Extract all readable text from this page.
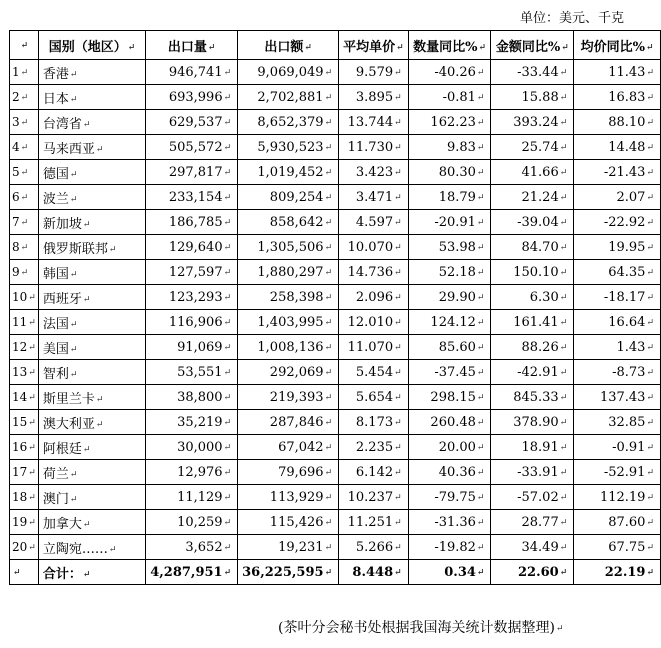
单位：美元、千克
↵	国别（地区）↵	出口量↵	出口额↵	平均单价↵	数量同比%↵	金额同比%↵	均价同比%↵
1↵	香港↵	946,741↵	9,069,049↵	9.579↵	-40.26↵	-33.44↵	11.43↵
2↵	日本↵	693,996↵	2,702,881↵	3.895↵	-0.81↵	15.88↵	16.83↵
3↵	台湾省↵	629,537↵	8,652,379↵	13.744↵	162.23↵	393.24↵	88.10↵
4↵	马来西亚↵	505,572↵	5,930,523↵	11.730↵	9.83↵	25.74↵	14.48↵
5↵	德国↵	297,817↵	1,019,452↵	3.423↵	80.30↵	41.66↵	-21.43↵
6↵	波兰↵	233,154↵	809,254↵	3.471↵	18.79↵	21.24↵	2.07↵
7↵	新加坡↵	186,785↵	858,642↵	4.597↵	-20.91↵	-39.04↵	-22.92↵
8↵	俄罗斯联邦↵	129,640↵	1,305,506↵	10.070↵	53.98↵	84.70↵	19.95↵
9↵	韩国↵	127,597↵	1,880,297↵	14.736↵	52.18↵	150.10↵	64.35↵
10↵	西班牙↵	123,293↵	258,398↵	2.096↵	29.90↵	6.30↵	-18.17↵
11↵	法国↵	116,906↵	1,403,995↵	12.010↵	124.12↵	161.41↵	16.64↵
12↵	美国↵	91,069↵	1,008,136↵	11.070↵	85.60↵	88.26↵	1.43↵
13↵	智利↵	53,551↵	292,069↵	5.454↵	-37.45↵	-42.91↵	-8.73↵
14↵	斯里兰卡↵	38,800↵	219,393↵	5.654↵	298.15↵	845.33↵	137.43↵
15↵	澳大利亚↵	35,219↵	287,846↵	8.173↵	260.48↵	378.90↵	32.85↵
16↵	阿根廷↵	30,000↵	67,042↵	2.235↵	20.00↵	18.91↵	-0.91↵
17↵	荷兰↵	12,976↵	79,696↵	6.142↵	40.36↵	-33.91↵	-52.91↵
18↵	澳门↵	11,129↵	113,929↵	10.237↵	-79.75↵	-57.02↵	112.19↵
19↵	加拿大↵	10,259↵	115,426↵	11.251↵	-31.36↵	28.77↵	87.60↵
20↵	立陶宛……↵	3,652↵	19,231↵	5.266↵	-19.82↵	34.49↵	67.75↵
↵	合计：↵	4,287,951↵	36,225,595↵	8.448↵	0.34↵	22.60↵	22.19↵
(茶叶分会秘书处根据我国海关统计数据整理)↵
